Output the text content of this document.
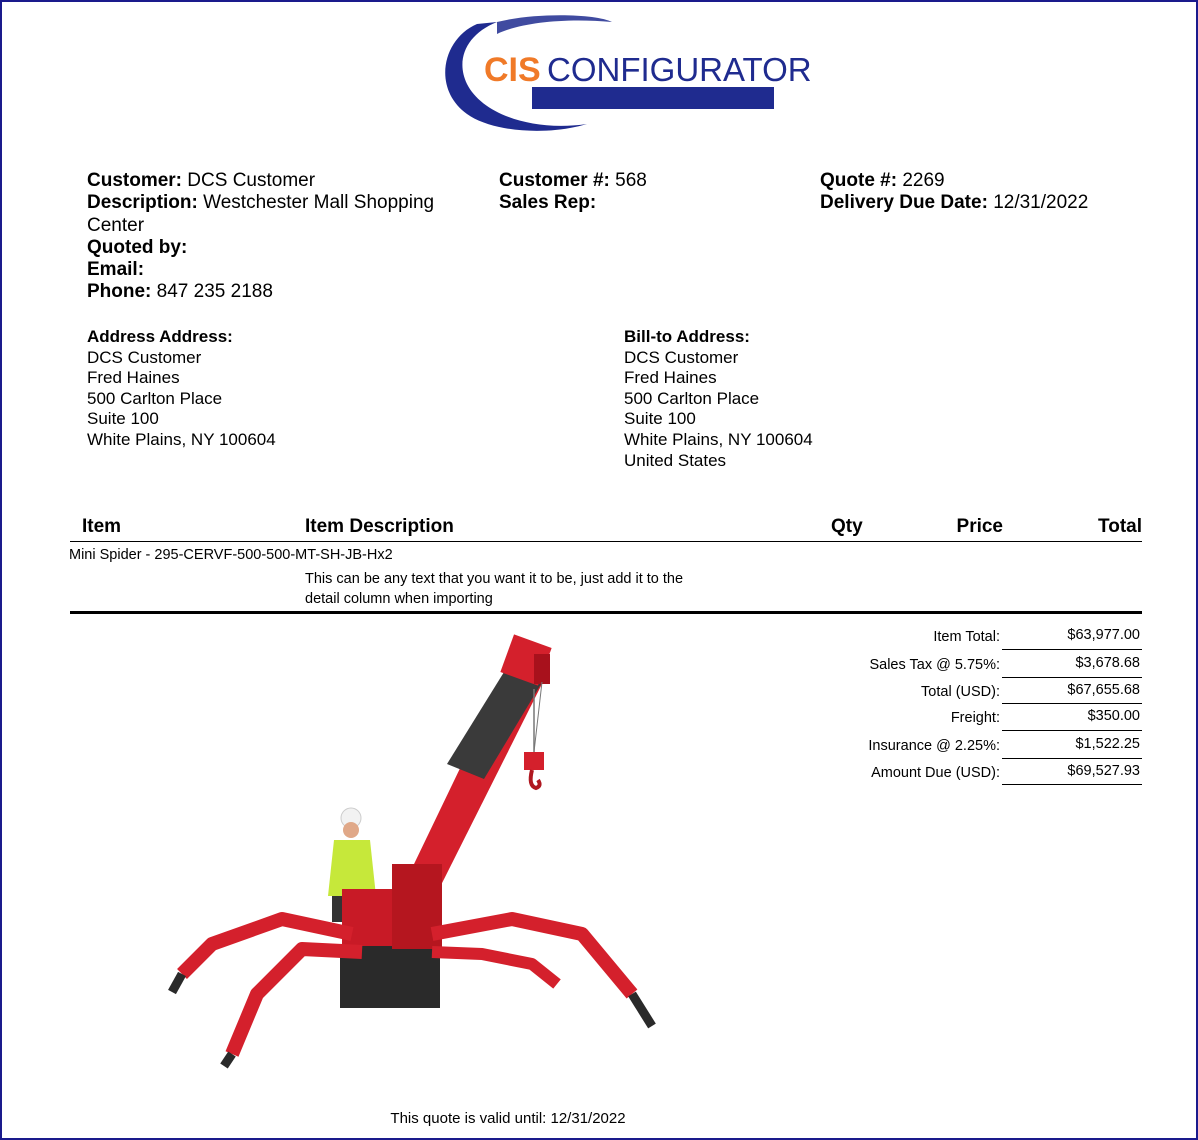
CIS CONFIGURATOR
Customer: DCS Customer
Description: Westchester Mall Shopping
Center
Quoted by:
Email:
Phone: 847 235 2188
Customer #: 568
Sales Rep:
Quote #: 2269
Delivery Due Date: 12/31/2022
Address Address:
DCS Customer
Fred Haines
500 Carlton Place
Suite 100
White Plains, NY 100604
Bill-to Address:
DCS Customer
Fred Haines
500 Carlton Place
Suite 100
White Plains, NY 100604
United States
Item	Item Description	Qty	Price	Total
Mini Spider - 295-CERVF-500-500-MT-SH-JB-Hx2
This can be any text that you want it to be, just add it to the
detail column when importing
Item Total:	$63,977.00
Sales Tax @ 5.75%:	$3,678.68
Total (USD):	$67,655.68
Freight:	$350.00
Insurance @ 2.25%:	$1,522.25
Amount Due (USD):	$69,527.93
This quote is valid until: 12/31/2022
